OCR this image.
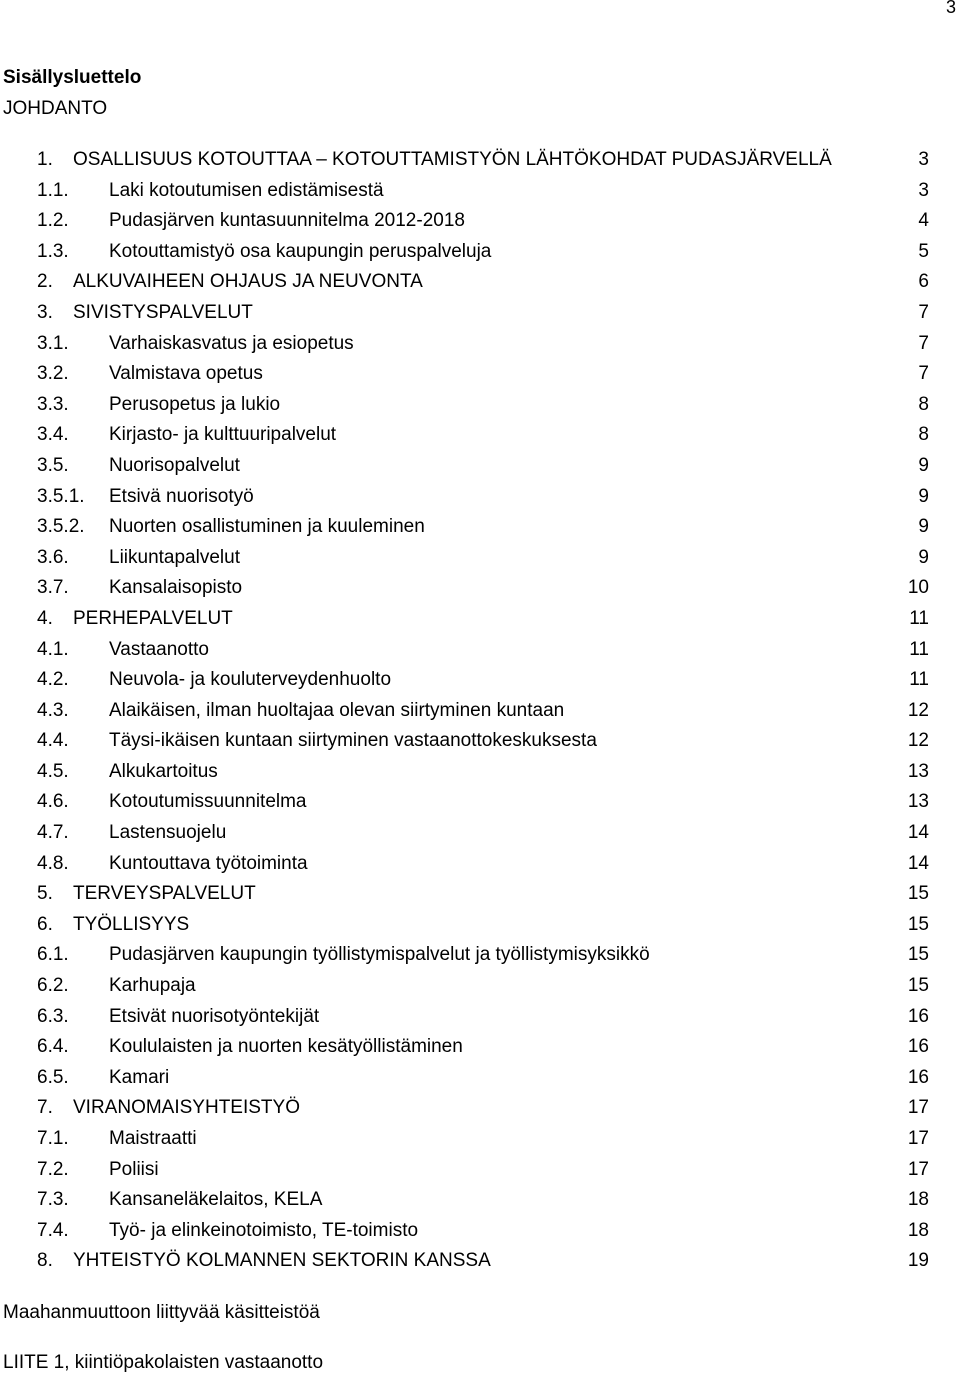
3
Sisällysluettelo
JOHDANTO
1. OSALLISUUS KOTOUTTAA – KOTOUTTAMISTYÖN LÄHTÖKOHDAT PUDASJÄRVELLÄ	3
1.1. Laki kotoutumisen edistämisestä	3
1.2. Pudasjärven kuntasuunnitelma 2012-2018	4
1.3. Kotouttamistyö osa kaupungin peruspalveluja	5
2. ALKUVAIHEEN OHJAUS JA NEUVONTA	6
3. SIVISTYSPALVELUT	7
3.1. Varhaiskasvatus ja esiopetus	7
3.2. Valmistava opetus	7
3.3. Perusopetus ja lukio	8
3.4. Kirjasto- ja kulttuuripalvelut	8
3.5. Nuorisopalvelut	9
3.5.1. Etsivä nuorisotyö	9
3.5.2. Nuorten osallistuminen ja kuuleminen	9
3.6. Liikuntapalvelut	9
3.7. Kansalaisopisto	10
4. PERHEPALVELUT	11
4.1. Vastaanotto	11
4.2. Neuvola- ja kouluterveydenhuolto	11
4.3. Alaikäisen, ilman huoltajaa olevan siirtyminen kuntaan	12
4.4. Täysi-ikäisen kuntaan siirtyminen vastaanottokeskuksesta	12
4.5. Alkukartoitus	13
4.6. Kotoutumissuunnitelma	13
4.7. Lastensuojelu	14
4.8. Kuntouttava työtoiminta	14
5. TERVEYSPALVELUT	15
6. TYÖLLISYYS	15
6.1. Pudasjärven kaupungin työllistymispalvelut ja työllistymisyksikkö	15
6.2. Karhupaja	15
6.3. Etsivät nuorisotyöntekijät	16
6.4. Koululaisten ja nuorten kesätyöllistäminen	16
6.5. Kamari	16
7. VIRANOMAISYHTEISTYÖ	17
7.1. Maistraatti	17
7.2. Poliisi	17
7.3. Kansaneläkelaitos, KELA	18
7.4. Työ- ja elinkeinotoimisto, TE-toimisto	18
8. YHTEISTYÖ KOLMANNEN SEKTORIN KANSSA	19
Maahanmuuttoon liittyvää käsitteistöä
LIITE 1, kiintiöpakolaisten vastaanotto
